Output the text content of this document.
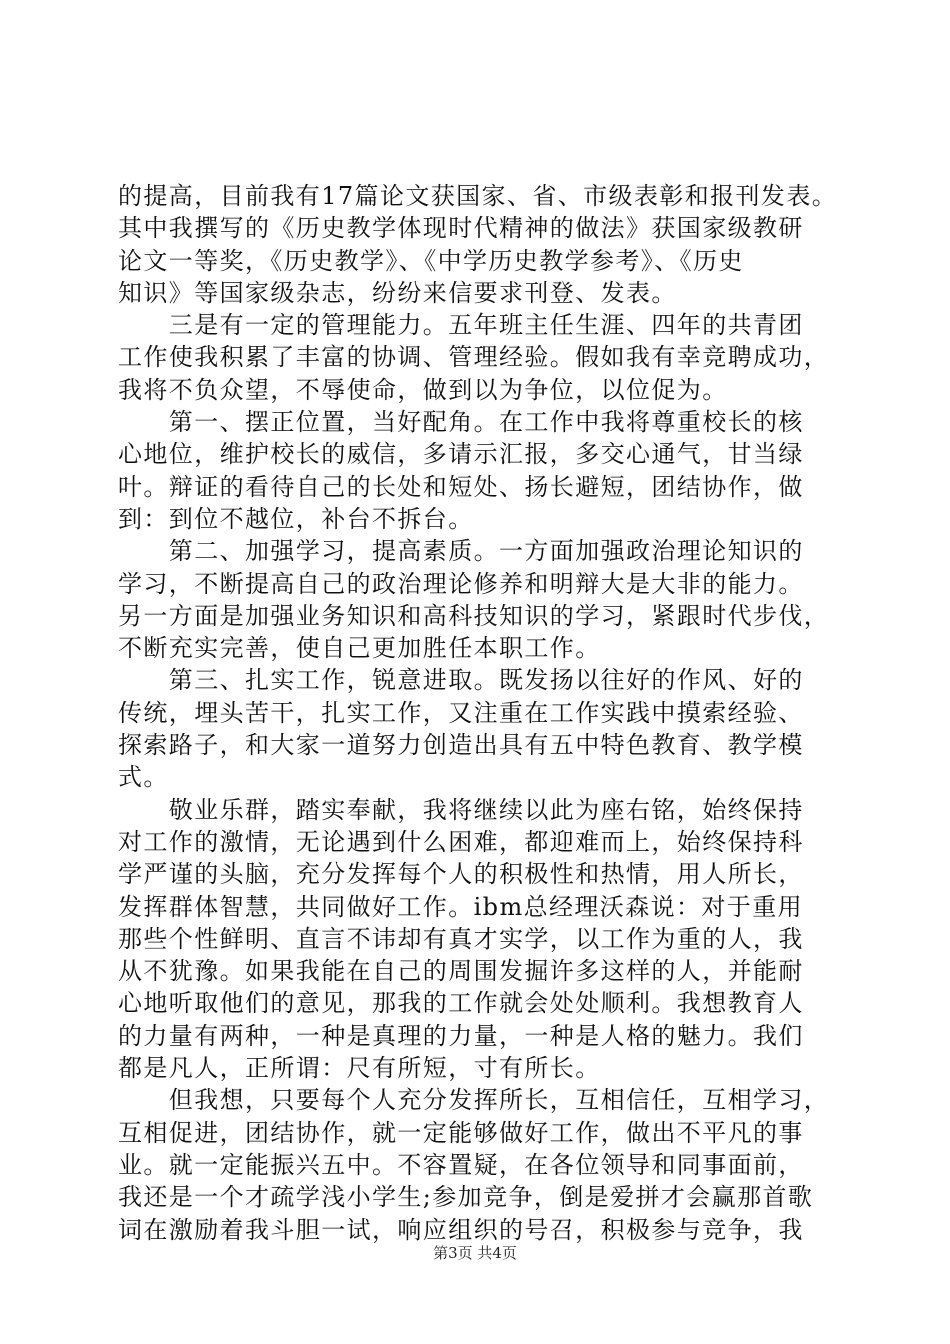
的提高，目前我有17篇论文获国家、省、市级表彰和报刊发表。
其中我撰写的《历史教学体现时代精神的做法》获国家级教研
论文一等奖，《历史教学》、《中学历史教学参考》、《历史
知识》等国家级杂志，纷纷来信要求刊登、发表。
　　三是有一定的管理能力。五年班主任生涯、四年的共青团
工作使我积累了丰富的协调、管理经验。假如我有幸竞聘成功，
我将不负众望，不辱使命，做到以为争位，以位促为。
　　第一、摆正位置，当好配角。在工作中我将尊重校长的核
心地位，维护校长的威信，多请示汇报，多交心通气，甘当绿
叶。辩证的看待自己的长处和短处、扬长避短，团结协作，做
到：到位不越位，补台不拆台。
　　第二、加强学习，提高素质。一方面加强政治理论知识的
学习，不断提高自己的政治理论修养和明辩大是大非的能力。
另一方面是加强业务知识和高科技知识的学习，紧跟时代步伐，
不断充实完善，使自己更加胜任本职工作。
　　第三、扎实工作，锐意进取。既发扬以往好的作风、好的
传统，埋头苦干，扎实工作，又注重在工作实践中摸索经验、
探索路子，和大家一道努力创造出具有五中特色教育、教学模
式。
　　敬业乐群，踏实奉献，我将继续以此为座右铭，始终保持
对工作的激情，无论遇到什么困难，都迎难而上，始终保持科
学严谨的头脑，充分发挥每个人的积极性和热情，用人所长，
发挥群体智慧，共同做好工作。ibm总经理沃森说：对于重用
那些个性鲜明、直言不讳却有真才实学，以工作为重的人，我
从不犹豫。如果我能在自己的周围发掘许多这样的人，并能耐
心地听取他们的意见，那我的工作就会处处顺利。我想教育人
的力量有两种，一种是真理的力量，一种是人格的魅力。我们
都是凡人，正所谓：尺有所短，寸有所长。
　　但我想，只要每个人充分发挥所长，互相信任，互相学习，
互相促进，团结协作，就一定能够做好工作，做出不平凡的事
业。就一定能振兴五中。不容置疑，在各位领导和同事面前，
我还是一个才疏学浅小学生;参加竞争，倒是爱拼才会赢那首歌
词在激励着我斗胆一试，响应组织的号召，积极参与竞争，我
第3页 共4页
